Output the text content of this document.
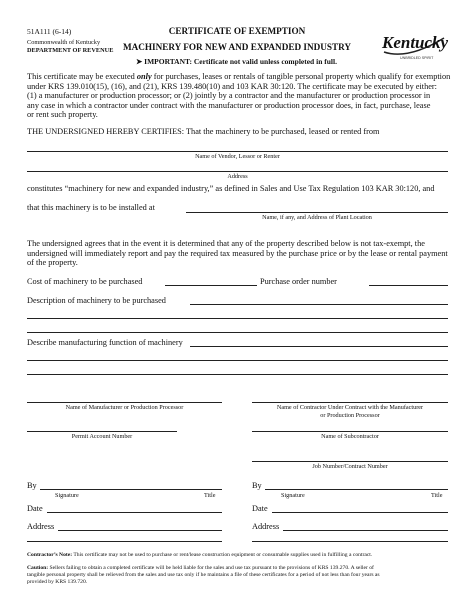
51A111 (6-14)
Commonwealth of Kentucky
DEPARTMENT OF REVENUE
CERTIFICATE OF EXEMPTION
MACHINERY FOR NEW AND EXPANDED INDUSTRY
➤ IMPORTANT: Certificate not valid unless completed in full.
Kentucky
UNBRIDLED SPIRIT
This certificate may be executed only for purchases, leases or rentals of tangible personal property which qualify for exemption
under KRS 139.010(15), (16), and (21), KRS 139.480(10) and 103 KAR 30:120. The certificate may be executed by either:
(1) a manufacturer or production processor; or (2) jointly by a contractor and the manufacturer or production processor in
any case in which a contractor under contract with the manufacturer or production processor does, in fact, purchase, lease
or rent such property.
THE UNDERSIGNED HEREBY CERTIFIES: That the machinery to be purchased, leased or rented from
Name of Vendor, Lessor or Renter
Address
constitutes “machinery for new and expanded industry,” as defined in Sales and Use Tax Regulation 103 KAR 30:120, and
that this machinery is to be installed at
Name, if any, and Address of Plant Location
The undersigned agrees that in the event it is determined that any of the property described below is not tax-exempt, the
undersigned will immediately report and pay the required tax measured by the purchase price or by the lease or rental payment
of the property.
Cost of machinery to be purchased	Purchase order number
Description of machinery to be purchased
Describe manufacturing function of machinery
Name of Manufacturer or Production Processor	Name of Contractor Under Contract with the Manufacturer
or Production Processor
Permit Account Number	Name of Subcontractor
Job Number/Contract Number
By
Signature	Title
By
Signature	Title
Date	Date
Address	Address
Contractor’s Note: This certificate may not be used to purchase or rent/lease construction equipment or consumable supplies used in fulfilling a contract.
Caution: Sellers failing to obtain a completed certificate will be held liable for the sales and use tax pursuant to the provisions of KRS 139.270. A seller of
tangible personal property shall be relieved from the sales and use tax only if he maintains a file of these certificates for a period of not less than four years as
provided by KRS 139.720.
